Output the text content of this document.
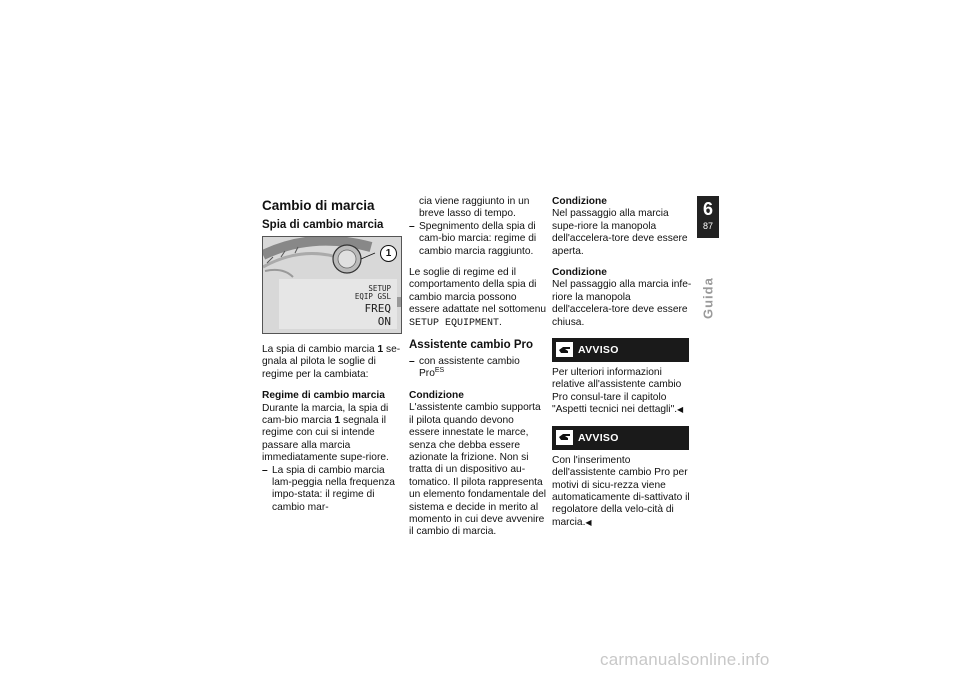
Cambio di marcia
Spia di cambio marcia
SETUP
EQIP GSL
FREQ
ON
1

La spia di cambio marcia 1 se-gnala al pilota le soglie di regime per la cambiata:

Regime di cambio marcia

Durante la marcia, la spia di cam-bio marcia 1 segnala il regime con cui si intende passare alla marcia immediatamente supe-riore.

– La spia di cambio marcia lam-peggia nella frequenza impo-stata: il regime di cambio mar-

cia viene raggiunto in un breve lasso di tempo.

– Spegnimento della spia di cam-bio marcia: regime di cambio marcia raggiunto.

Le soglie di regime ed il comportamento della spia di cambio marcia possono essere adattate nel sottomenu SETUP EQUIPMENT.

Assistente cambio Pro
– con assistente cambio Pro$^{ES}$
Condizione

L'assistente cambio supporta il pilota quando devono essere innestate le marce, senza che debba essere azionate la frizione. Non si tratta di un dispositivo au-tomatico. Il pilota rappresenta un elemento fondamentale del sistema e decide in merito al momento in cui deve avvenire il cambio di marcia.

Condizione

Nel passaggio alla marcia supe-riore la manopola dell'accelera-tore deve essere aperta.

Condizione

Nel passaggio alla marcia infe-riore la manopola dell'accelera-tore deve essere chiusa.

AVVISO

Per ulteriori informazioni relative all'assistente cambio Pro consul-tare il capitolo "Aspetti tecnici nei dettagli".◀

AVVISO

Con l'inserimento dell'assistente cambio Pro per motivi di sicu-rezza viene automaticamente di-sattivato il regolatore della velo-cità di marcia.◀

6
87
Guida
carmanualsonline.info
